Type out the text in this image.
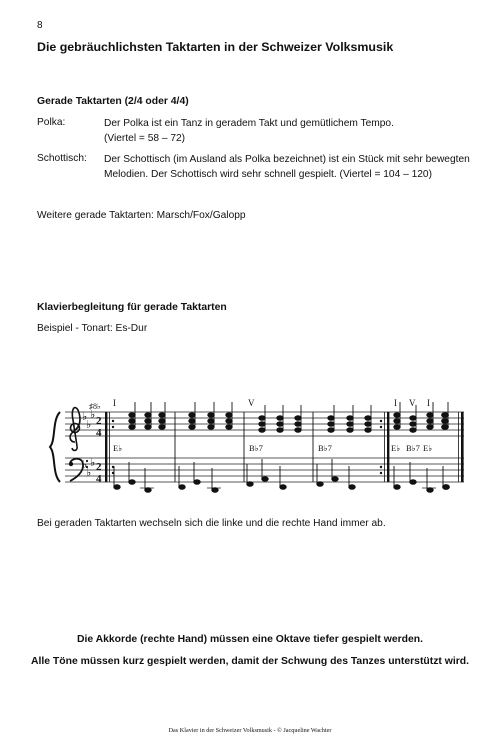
8
Die gebräuchlichsten Taktarten in der Schweizer Volksmusik
Gerade Taktarten (2/4 oder 4/4)
Polka:	Der Polka ist ein Tanz in geradem Takt und gemütlichem Tempo.
(Viertel = 58 – 72)
Schottisch: Der Schottisch (im Ausland als Polka bezeichnet) ist ein Stück mit sehr bewegten
Melodien. Der Schottisch wird sehr schnell gespielt. (Viertel = 104 – 120)
Weitere gerade Taktarten: Marsch/Fox/Galopp
Klavierbegleitung für gerade Taktarten
Beispiel - Tonart: Es-Dur
♯8♭
♭
♭
♭
♭
♭
♭
2
4
2
4
I	V	I V I
E♭	B♭7	B♭7	E♭ B♭7 E♭
Bei geraden Taktarten wechseln sich die linke und die rechte Hand immer ab.
Die Akkorde (rechte Hand) müssen eine Oktave tiefer gespielt werden.
Alle Töne müssen kurz gespielt werden, damit der Schwung des Tanzes unterstützt wird.
Das Klavier in der Schweizer Volksmusik - © Jacqueline Wachter
